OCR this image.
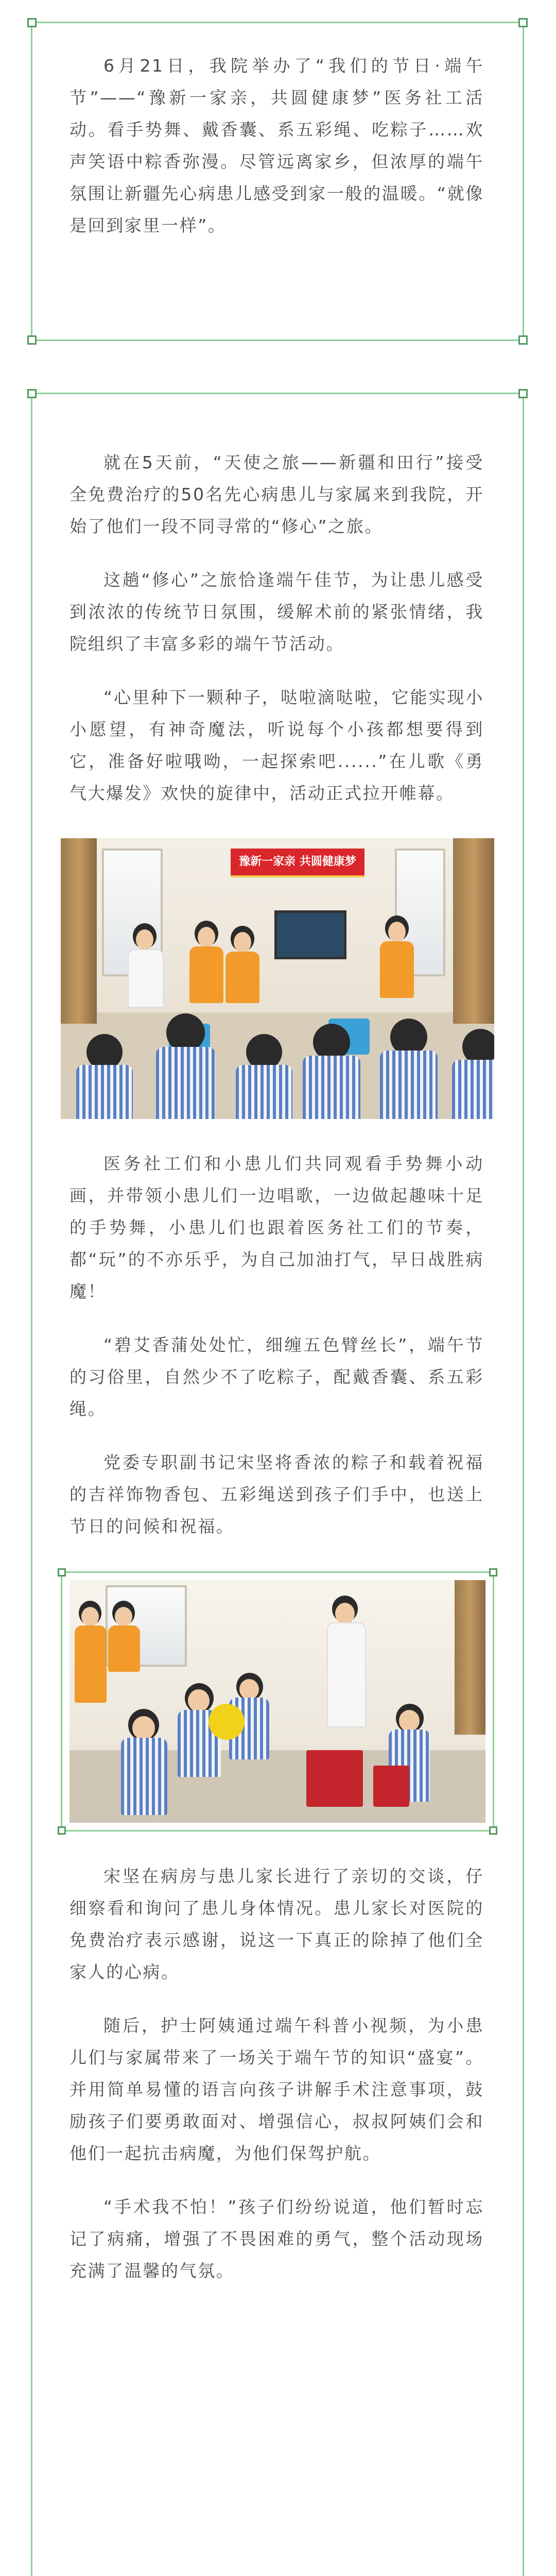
6月21日，我院举办了“我们的节日·端午节”——“豫新一家亲，共圆健康梦”医务社工活动。看手势舞、戴香囊、系五彩绳、吃粽子……欢声笑语中粽香弥漫。尽管远离家乡，但浓厚的端午氛围让新疆先心病患儿感受到家一般的温暖。“就像是回到家里一样”。

就在5天前，“天使之旅——新疆和田行”接受全免费治疗的50名先心病患儿与家属来到我院，开始了他们一段不同寻常的“修心”之旅。

这趟“修心”之旅恰逢端午佳节，为让患儿感受到浓浓的传统节日氛围，缓解术前的紧张情绪，我院组织了丰富多彩的端午节活动。

“心里种下一颗种子，哒啦滴哒啦，它能实现小小愿望，有神奇魔法，听说每个小孩都想要得到它，准备好啦哦呦，一起探索吧......”在儿歌《勇气大爆发》欢快的旋律中，活动正式拉开帷幕。

豫新一家亲 共圆健康梦

医务社工们和小患儿们共同观看手势舞小动画，并带领小患儿们一边唱歌，一边做起趣味十足的手势舞，小患儿们也跟着医务社工们的节奏，都“玩”的不亦乐乎，为自己加油打气，早日战胜病魔！

“碧艾香蒲处处忙，细缠五色臂丝长”，端午节的习俗里，自然少不了吃粽子，配戴香囊、系五彩绳。

党委专职副书记宋坚将香浓的粽子和载着祝福的吉祥饰物香包、五彩绳送到孩子们手中，也送上节日的问候和祝福。

宋坚在病房与患儿家长进行了亲切的交谈，仔细察看和询问了患儿身体情况。患儿家长对医院的免费治疗表示感谢，说这一下真正的除掉了他们全家人的心病。

随后，护士阿姨通过端午科普小视频，为小患儿们与家属带来了一场关于端午节的知识“盛宴”。并用简单易懂的语言向孩子讲解手术注意事项，鼓励孩子们要勇敢面对、增强信心，叔叔阿姨们会和他们一起抗击病魔，为他们保驾护航。

“手术我不怕！”孩子们纷纷说道，他们暂时忘记了病痛，增强了不畏困难的勇气，整个活动现场充满了温馨的气氛。
